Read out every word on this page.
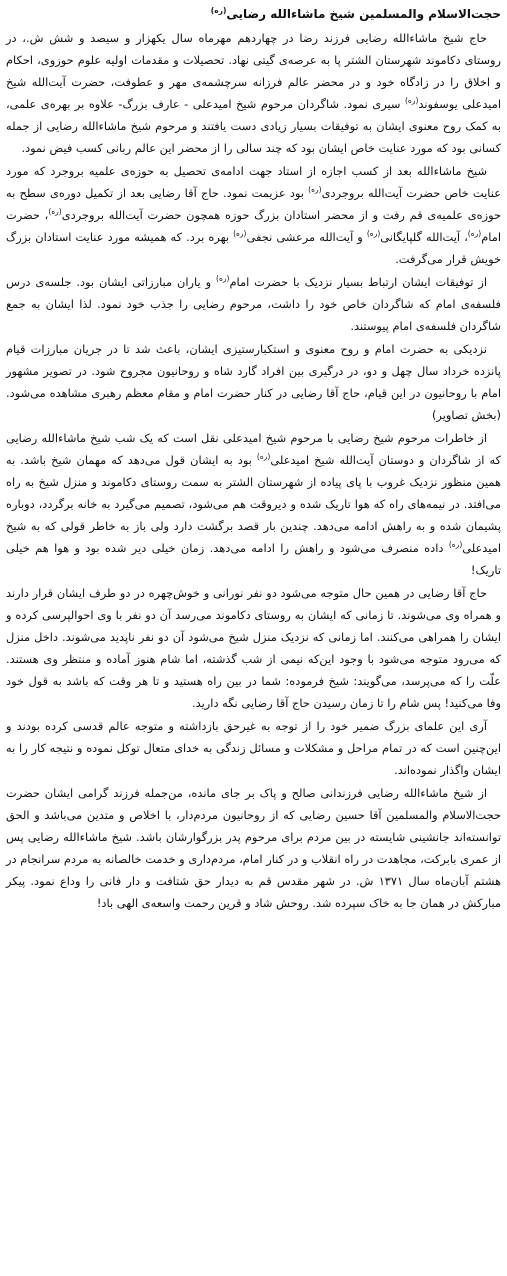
حجت‌الاسلام والمسلمین شیخ ماشاءالله رضایی$^{(ره)}$

حاج شیخ ماشاءالله رضایی فرزند رضا در چهاردهم مهرماه سال یکهزار و سیصد و شش ش.، در روستای دکاموند شهرستان الشتر پا به عرصه‌ی گیتی نهاد. تحصیلات و مقدمات اولیه علوم حوزوی، احکام و اخلاق را در زادگاه خود و در محضر عالم فرزانه سرچشمه‌ی مهر و عطوفت، حضرت آیت‌الله شیخ امیدعلی یوسفوند$^{(ره)}$ سیری نمود. شاگردان مرحوم شیخ امیدعلی - عارف بزرگ- علاوه بر بهره‌ی علمی، به کمک روح معنوی ایشان به توفیقات بسیار زیادی دست یافتند و مرحوم شیخ ماشاءالله رضایی از جمله کسانی بود که مورد عنایت خاص ایشان بود که چند سالی را از محضر این عالم ربانی کسب فیض نمود.

شیخ ماشاءالله بعد از کسب اجازه از استاد جهت ادامه‌ی تحصیل به حوزه‌ی علمیه بروجرد که مورد عنایت خاص حضرت آیت‌الله بروجردی$^{(ره)}$ بود عزیمت نمود. حاج آقا رضایی بعد از تکمیل دوره‌ی سطح به حوزه‌ی علمیه‌ی قم رفت و از محضر استادان بزرگ حوزه همچون حضرت آیت‌الله بروجردی$^{(ره)}$، حضرت امام$^{(ره)}$، آیت‌الله گلپایگانی$^{(ره)}$ و آیت‌الله مرعشی نجفی$^{(ره)}$ بهره برد. که همیشه مورد عنایت استادان بزرگ خویش قرار می‌گرفت.

از توفیقات ایشان ارتباط بسیار نزدیک با حضرت امام$^{(ره)}$ و یاران مبارزاتی ایشان بود. جلسه‌ی درس فلسفه‌ی امام که شاگردان خاص خود را داشت، مرحوم رضایی را جذب خود نمود. لذا ایشان به جمع شاگردان فلسفه‌ی امام پیوستند.

نزدیکی به حضرت امام و روح معنوی و استکبارستیزی ایشان، باعث شد تا در جریان مبارزات قیام پانزده خرداد سال چهل و دو، در درگیری بین افراد گارد شاه و روحانیون مجروح شود. در تصویر مشهور امام با روحانیون در این قیام، حاج آقا رضایی در کنار حضرت امام و مقام معظم رهبری مشاهده می‌شود. (بخش تصاویر)

از خاطرات مرحوم شیخ رضایی با مرحوم شیخ امیدعلی نقل است که یک شب شیخ ماشاءالله رضایی که از شاگردان و دوستان آیت‌الله شیخ امیدعلی$^{(ره)}$ بود به ایشان قول می‌دهد که مهمان شیخ باشد. به همین منظور نزدیک غروب با پای پیاده از شهرستان الشتر به سمت روستای دکاموند و منزل شیخ به راه می‌افتد. در نیمه‌های راه که هوا تاریک شده و دیروقت هم می‌شود، تصمیم می‌گیرد به خانه برگردد، دوباره پشیمان شده و به راهش ادامه می‌دهد. چندین بار قصد برگشت دارد ولی باز به خاطر قولی که به شیخ امیدعلی$^{(ره)}$ داده منصرف می‌شود و راهش را ادامه می‌دهد. زمان خیلی دیر شده بود و هوا هم خیلی تاریک!

حاج آقا رضایی در همین حال متوجه می‌شود دو نفر نورانی و خوش‌چهره در دو طرف ایشان قرار دارند و همراه وی می‌شوند. تا زمانی که ایشان به روستای دکاموند می‌رسد آن دو نفر با وی احوالپرسی کرده و ایشان را همراهی می‌کنند. اما زمانی که نزدیک منزل شیخ می‌شود آن دو نفر ناپدید می‌شوند. داخل منزل که می‌رود متوجه می‌شود با وجود این‌که نیمی از شب گذشته، اما شام هنوز آماده و منتظر وی هستند. علّت را که می‌پرسد، می‌گویند: شیخ فرموده: شما در بین راه هستید و تا هر وقت که باشد به قول خود وفا می‌کنید! پس شام را تا زمان رسیدن حاج آقا رضایی نگه دارید.

آری این علمای بزرگ ضمیر خود را از توجه به غیرحق بازداشته و متوجه عالم قدسی کرده بودند و این‌چنین است که در تمام مراحل و مشکلات و مسائل زندگی به خدای متعال توکل نموده و نتیجه کار را به ایشان واگذار نموده‌اند.

از شیخ ماشاءالله رضایی فرزندانی صالح و پاک بر جای مانده، من‌جمله فرزند گرامی ایشان حضرت حجت‌الاسلام والمسلمین آقا حسین رضایی که از روحانیون مردم‌دار، با اخلاص و متدین می‌باشد و الحق توانسته‌اند جانشینی شایسته در بین مردم برای مرحوم پدر بزرگوارشان باشد. شیخ ماشاءالله رضایی پس از عمری بابرکت، مجاهدت در راه انقلاب و در کنار امام، مردم‌داری و خدمت خالصانه به مردم سرانجام در هشتم آبان‌ماه سال ۱۳۷۱ ش. در شهر مقدس قم به دیدار حق شتافت و دار فانی را وداع نمود. پیکر مبارکش در همان جا به خاک سپرده شد. روحش شاد و قرین رحمت واسعه‌ی الهی باد!
